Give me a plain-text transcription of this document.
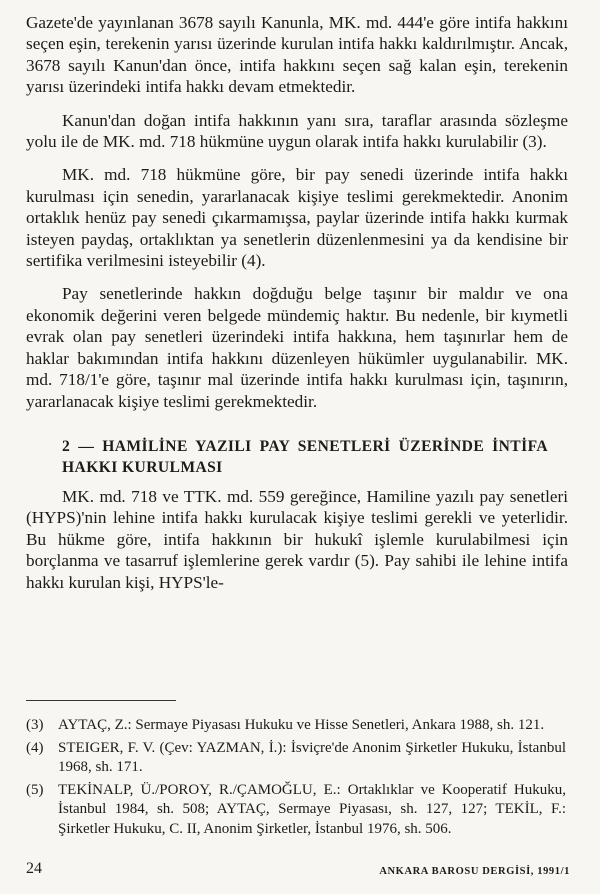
Gazete'de yayınlanan 3678 sayılı Kanunla, MK. md. 444'e göre intifa hakkını seçen eşin, terekenin yarısı üzerinde kurulan intifa hakkı kaldırılmıştır. Ancak, 3678 sayılı Kanun'dan önce, intifa hakkını seçen sağ kalan eşin, terekenin yarısı üzerindeki intifa hakkı devam etmektedir.

Kanun'dan doğan intifa hakkının yanı sıra, taraflar arasında sözleşme yolu ile de MK. md. 718 hükmüne uygun olarak intifa hakkı kurulabilir (3).

MK. md. 718 hükmüne göre, bir pay senedi üzerinde intifa hakkı kurulması için senedin, yararlanacak kişiye teslimi gerekmektedir. Anonim ortaklık henüz pay senedi çıkarmamışsa, paylar üzerinde intifa hakkı kurmak isteyen paydaş, ortaklıktan ya senetlerin düzenlenmesini ya da kendisine bir sertifika verilmesini isteyebilir (4).

Pay senetlerinde hakkın doğduğu belge taşınır bir maldır ve ona ekonomik değerini veren belgede mündemiç haktır. Bu nedenle, bir kıymetli evrak olan pay senetleri üzerindeki intifa hakkına, hem taşınırlar hem de haklar bakımından intifa hakkını düzenleyen hükümler uygulanabilir. MK. md. 718/1'e göre, taşınır mal üzerinde intifa hakkı kurulması için, taşınırın, yararlanacak kişiye teslimi gerekmektedir.

2 — HAMİLİNE YAZILI PAY SENETLERİ ÜZERİNDE İNTİFA HAKKI KURULMASI

MK. md. 718 ve TTK. md. 559 gereğince, Hamiline yazılı pay senetleri (HYPS)'nin lehine intifa hakkı kurulacak kişiye teslimi gerekli ve yeterlidir. Bu hükme göre, intifa hakkının bir hukukî işlemle kurulabilmesi için borçlanma ve tasarruf işlemlerine gerek vardır (5). Pay sahibi ile lehine intifa hakkı kurulan kişi, HYPS'le-

(3) AYTAÇ, Z.: Sermaye Piyasası Hukuku ve Hisse Senetleri, Ankara 1988, sh. 121.
(4) STEIGER, F. V. (Çev: YAZMAN, İ.): İsviçre'de Anonim Şirketler Hukuku, İstanbul 1968, sh. 171.
(5) TEKİNALP, Ü./POROY, R./ÇAMOĞLU, E.: Ortaklıklar ve Kooperatif Hukuku, İstanbul 1984, sh. 508; AYTAÇ, Sermaye Piyasası, sh. 127, 127; TEKİL, F.: Şirketler Hukuku, C. II, Anonim Şirketler, İstanbul 1976, sh. 506.
24	ANKARA BAROSU DERGİSİ, 1991/1
